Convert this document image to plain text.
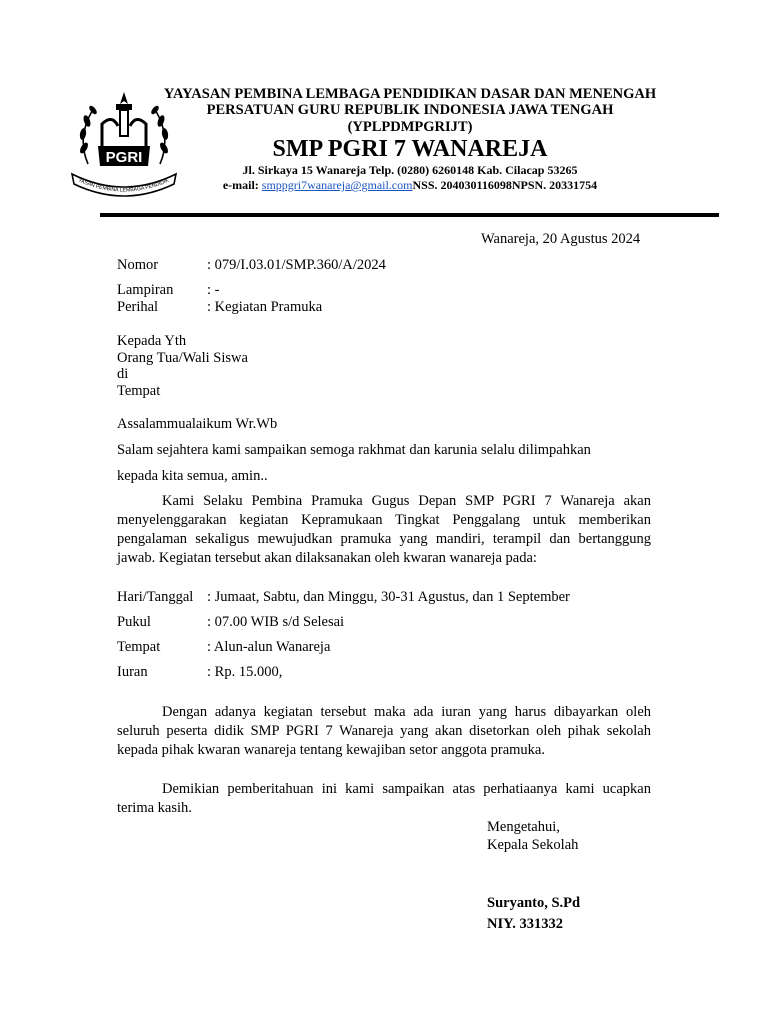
PGRI
YASAN PEMBINA LEMBAGA PENDIDIK
YAYASAN PEMBINA LEMBAGA PENDIDIKAN DASAR DAN MENENGAH
PERSATUAN GURU REPUBLIK INDONESIA JAWA TENGAH
(YPLPDMPGRIJT)
SMP PGRI 7 WANAREJA
Jl. Sirkaya 15 Wanareja Telp. (0280) 6260148 Kab. Cilacap 53265
e-mail: smppgri7wanareja@gmail.comNSS. 204030116098NPSN. 20331754
Wanareja, 20 Agustus 2024
Nomor	: 079/I.03.01/SMP.360/A/2024
Lampiran : -
Perihal	: Kegiatan Pramuka
Kepada Yth
Orang Tua/Wali Siswa
di
Tempat
Assalammualaikum Wr.Wb
Salam sejahtera kami sampaikan semoga rakhmat dan karunia selalu dilimpahkan
kepada kita semua, amin..
Kami Selaku Pembina Pramuka Gugus Depan SMP PGRI 7 Wanareja akan menyelenggarakan kegiatan Kepramukaan Tingkat Penggalang untuk memberikan pengalaman sekaligus mewujudkan pramuka yang mandiri, terampil dan bertanggung jawab. Kegiatan tersebut akan dilaksanakan oleh kwaran wanareja pada:
Hari/Tanggal : Jumaat, Sabtu, dan Minggu, 30-31 Agustus, dan 1 September
Pukul	: 07.00 WIB s/d Selesai
Tempat	: Alun-alun Wanareja
Iuran	: Rp. 15.000,
Dengan adanya kegiatan tersebut maka ada iuran yang harus dibayarkan oleh seluruh peserta didik SMP PGRI 7 Wanareja yang akan disetorkan oleh pihak sekolah kepada pihak kwaran wanareja tentang kewajiban setor anggota pramuka.
Demikian pemberitahuan ini kami sampaikan atas perhatiaanya kami ucapkan terima kasih.
Mengetahui,
Kepala Sekolah
Suryanto, S.Pd
NIY. 331332
